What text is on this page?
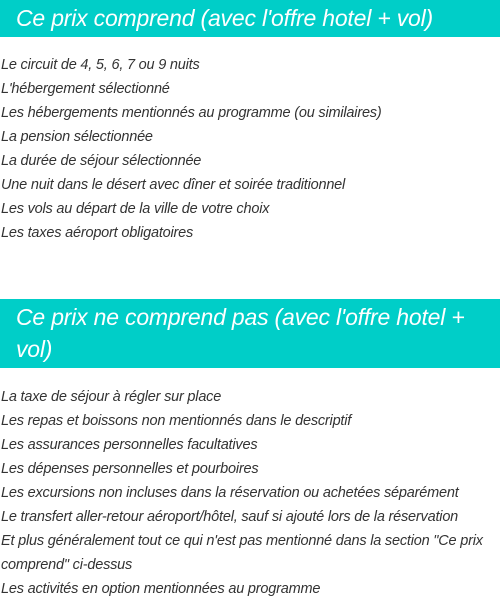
Ce prix comprend (avec l'offre hotel + vol)
Le circuit de 4, 5, 6, 7 ou 9 nuits
L'hébergement sélectionné
Les hébergements mentionnés au programme (ou similaires)
La pension sélectionnée
La durée de séjour sélectionnée
Une nuit dans le désert avec dîner et soirée traditionnel
Les vols au départ de la ville de votre choix
Les taxes aéroport obligatoires
Ce prix ne comprend pas (avec l'offre hotel + vol)
La taxe de séjour à régler sur place
Les repas et boissons non mentionnés dans le descriptif
Les assurances personnelles facultatives
Les dépenses personnelles et pourboires
Les excursions non incluses dans la réservation ou achetées séparément
Le transfert aller-retour aéroport/hôtel, sauf si ajouté lors de la réservation
Et plus généralement tout ce qui n'est pas mentionné dans la section "Ce prix comprend" ci-dessus
Les activités en option mentionnées au programme
